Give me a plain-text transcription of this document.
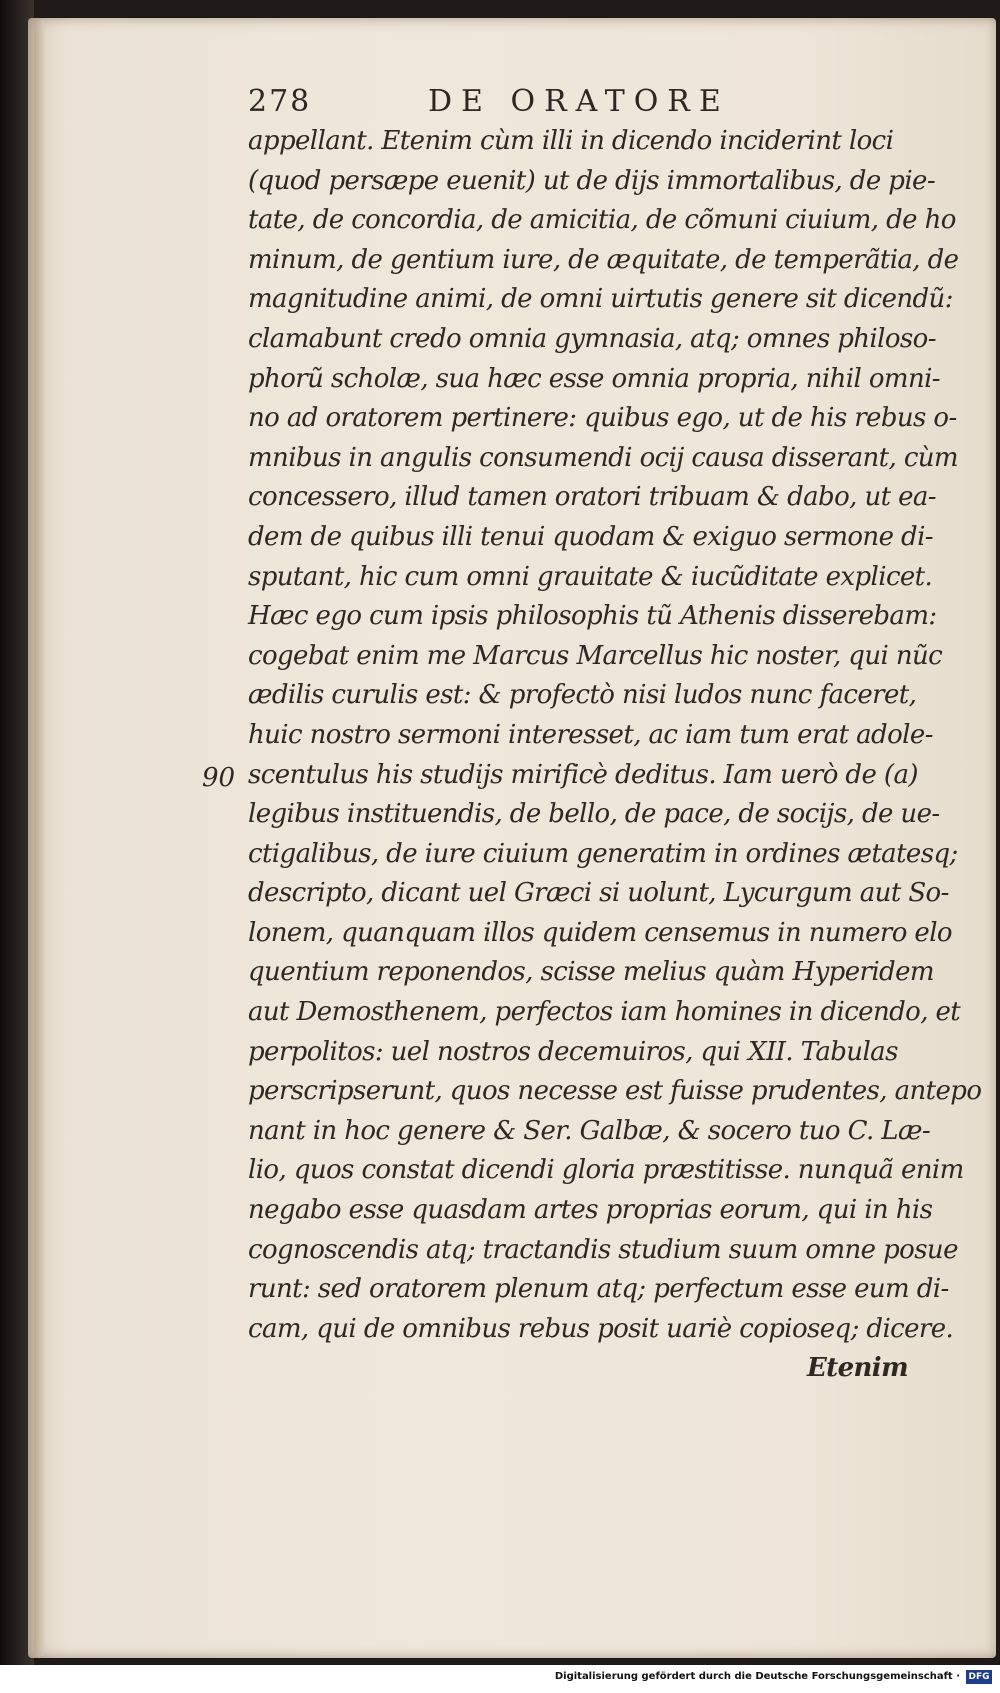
278	DE ORATORE
90
appellant. Etenim cùm illi in dicendo inciderint loci
(quod persæpe euenit) ut de dijs immortalibus, de pie-
tate, de concordia, de amicitia, de cõmuni ciuium, de ho
minum, de gentium iure, de æquitate, de temperãtia, de
magnitudine animi, de omni uirtutis genere sit dicendũ:
clamabunt credo omnia gymnasia, atq; omnes philoso-
phorũ scholæ, sua hæc esse omnia propria, nihil omni-
no ad oratorem pertinere: quibus ego, ut de his rebus o-
mnibus in angulis consumendi ocij causa disserant, cùm
concessero, illud tamen oratori tribuam & dabo, ut ea-
dem de quibus illi tenui quodam & exiguo sermone di-
sputant, hic cum omni grauitate & iucũditate explicet.
Hæc ego cum ipsis philosophis tũ Athenis disserebam:
cogebat enim me Marcus Marcellus hic noster, qui nũc
ædilis curulis est: & profectò nisi ludos nunc faceret,
huic nostro sermoni interesset, ac iam tum erat adole-
scentulus his studijs mirificè deditus. Iam uerò de (a)
legibus instituendis, de bello, de pace, de socijs, de ue-
ctigalibus, de iure ciuium generatim in ordines ætatesq;
descripto, dicant uel Græci si uolunt, Lycurgum aut So-
lonem, quanquam illos quidem censemus in numero elo
quentium reponendos, scisse melius quàm Hyperidem
aut Demosthenem, perfectos iam homines in dicendo, et
perpolitos: uel nostros decemuiros, qui XII. Tabulas
perscripserunt, quos necesse est fuisse prudentes, antepo
nant in hoc genere & Ser. Galbæ, & socero tuo C. Læ-
lio, quos constat dicendi gloria præstitisse. nunquã enim
negabo esse quasdam artes proprias eorum, qui in his
cognoscendis atq; tractandis studium suum omne posue
runt: sed oratorem plenum atq; perfectum esse eum di-
cam, qui de omnibus rebus posit uariè copioseq; dicere.
Etenim
Digitalisierung gefördert durch die Deutsche Forschungsgemeinschaft · DFG
